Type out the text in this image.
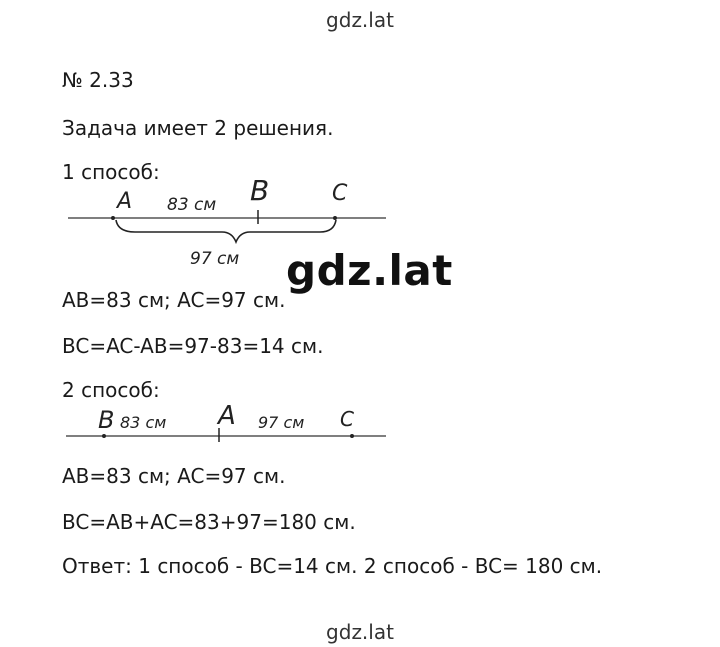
gdz.lat
№ 2.33
Задача имеет 2 решения.
1 способ:
A 83 см B	C
97 см gdz.lat
AB=83 см; AC=97 см.
BC=AC-AB=97-83=14 см.
2 способ:
B 83 см A 97 см C
AB=83 см; AC=97 см.
BC=AB+AC=83+97=180 см.
Ответ: 1 способ - BC=14 см. 2 способ - BC= 180 см.
gdz.lat
